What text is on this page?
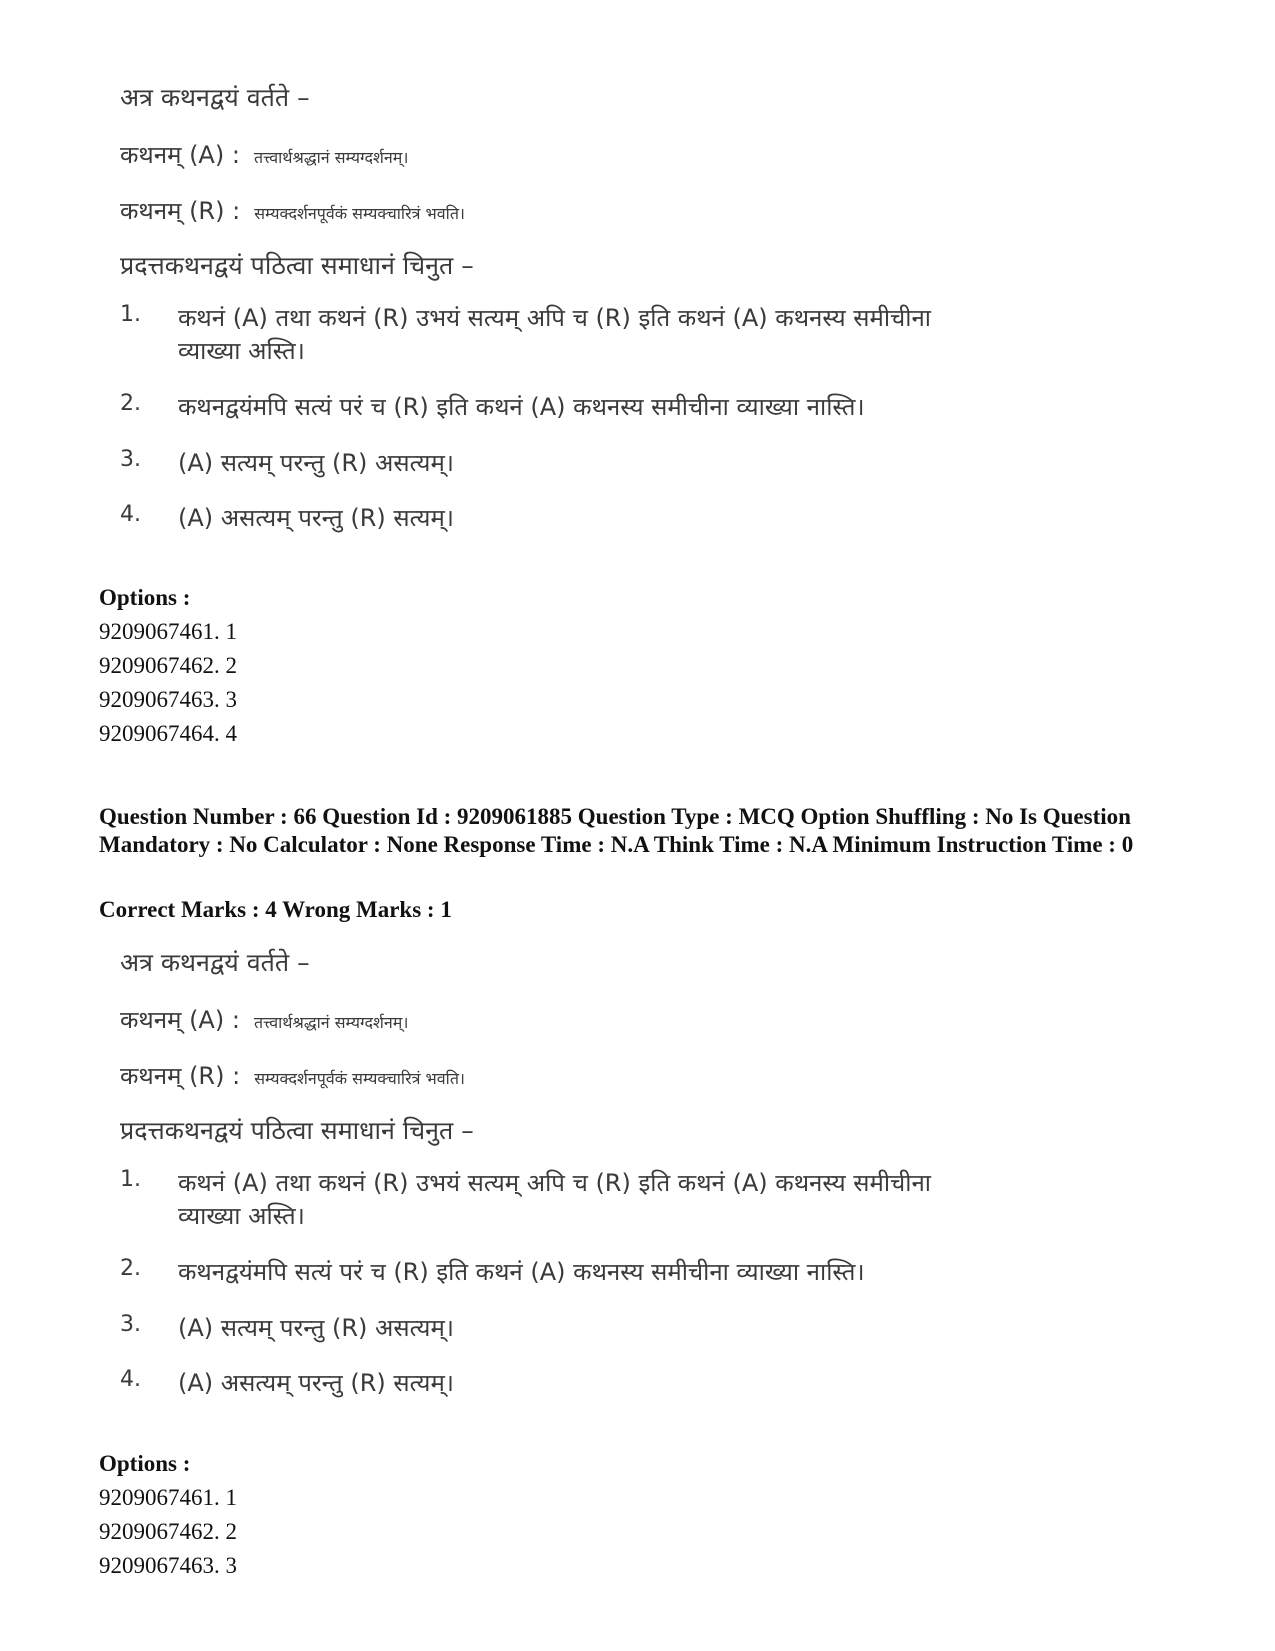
अत्र कथनद्वयं वर्तते –
कथनम् (A) : तत्त्वार्थश्रद्धानं सम्यग्दर्शनम्।
कथनम् (R) : सम्यक्दर्शनपूर्वकं सम्यक्चारित्रं भवति।
प्रदत्तकथनद्वयं पठित्वा समाधानं चिनुत –
1.	कथनं (A) तथा कथनं (R) उभयं सत्यम् अपि च (R) इति कथनं (A) कथनस्य समीचीना व्याख्या अस्ति।
2.	कथनद्वयंमपि सत्यं परं च (R) इति कथनं (A) कथनस्य समीचीना व्याख्या नास्ति।
3.	(A) सत्यम् परन्तु (R) असत्यम्।
4.	(A) असत्यम् परन्तु (R) सत्यम्।
Options :
9209067461. 1
9209067462. 2
9209067463. 3
9209067464. 4
Question Number : 66 Question Id : 9209061885 Question Type : MCQ Option Shuffling : No Is Question Mandatory : No Calculator : None Response Time : N.A Think Time : N.A Minimum Instruction Time : 0
Correct Marks : 4 Wrong Marks : 1
अत्र कथनद्वयं वर्तते –
कथनम् (A) : तत्त्वार्थश्रद्धानं सम्यग्दर्शनम्।
कथनम् (R) : सम्यक्दर्शनपूर्वकं सम्यक्चारित्रं भवति।
प्रदत्तकथनद्वयं पठित्वा समाधानं चिनुत –
1.	कथनं (A) तथा कथनं (R) उभयं सत्यम् अपि च (R) इति कथनं (A) कथनस्य समीचीना व्याख्या अस्ति।
2.	कथनद्वयंमपि सत्यं परं च (R) इति कथनं (A) कथनस्य समीचीना व्याख्या नास्ति।
3.	(A) सत्यम् परन्तु (R) असत्यम्।
4.	(A) असत्यम् परन्तु (R) सत्यम्।
Options :
9209067461. 1
9209067462. 2
9209067463. 3
